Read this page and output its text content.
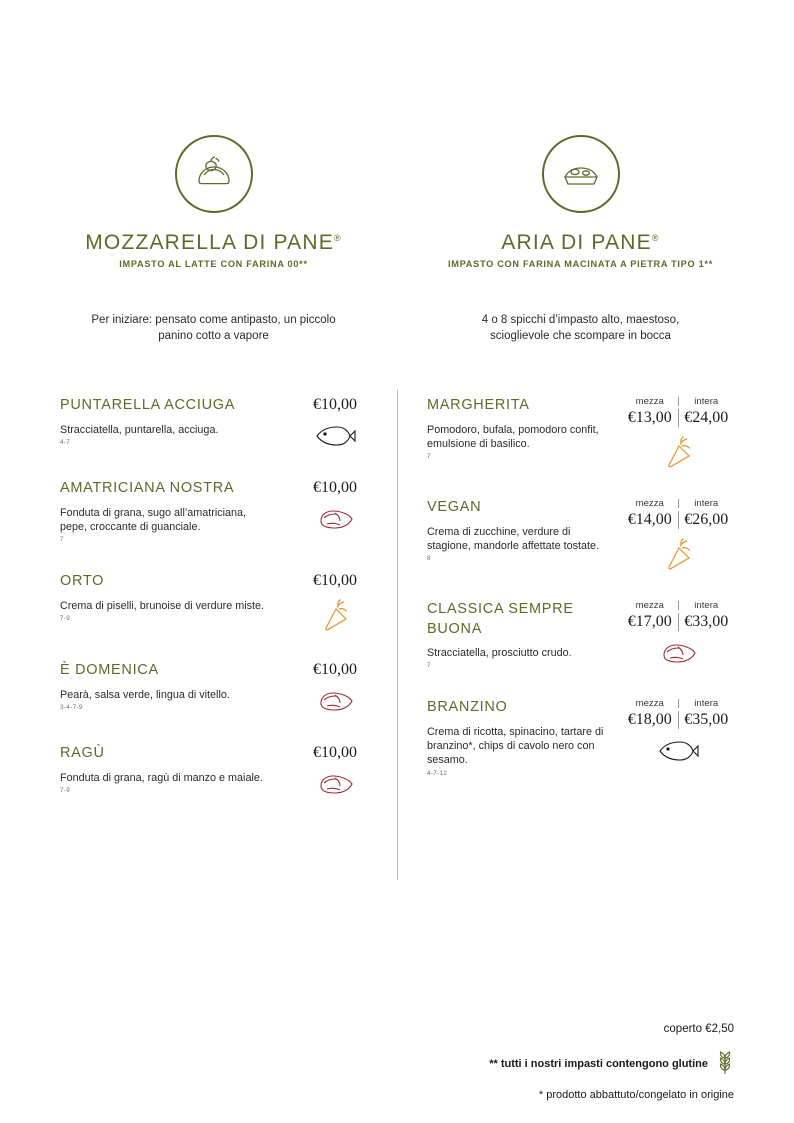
MOZZARELLA DI PANE®

IMPASTO AL LATTE CON FARINA 00**

Per iniziare: pensato come antipasto, un piccolo panino cotto a vapore

PUNTARELLA ACCIUGA

Stracciatella, puntarella, acciuga.

4-7

€10,00
AMATRICIANA NOSTRA

Fonduta di grana, sugo all’amatriciana, pepe, croccante di guanciale.

7

€10,00
ORTO

Crema di piselli, brunoise di verdure miste.

7-9

€10,00
È DOMENICA

Pearà, salsa verde, lingua di vitello.

3-4-7-9

€10,00
RAGÙ

Fonduta di grana, ragù di manzo e maiale.

7-9

€10,00
ARIA DI PANE®

IMPASTO CON FARINA MACINATA A PIETRA TIPO 1**

4 o 8 spicchi d’impasto alto, maestoso, scioglievole che scompare in bocca

MARGHERITA

Pomodoro, bufala, pomodoro confit, emulsione di basilico.

7

mezza	intera
€13,00 €24,00
VEGAN

Crema di zucchine, verdure di stagione, mandorle affettate tostate.

8

mezza	intera
€14,00 €26,00
CLASSICA SEMPRE BUONA

Stracciatella, prosciutto crudo.

7

mezza	intera
€17,00 €33,00
BRANZINO

Crema di ricotta, spinacino, tartare di branzino*, chips di cavolo nero con sesamo.

4-7-12

mezza	intera
€18,00 €35,00
coperto €2,50
** tutti i nostri impasti contengono glutine
* prodotto abbattuto/congelato in origine
